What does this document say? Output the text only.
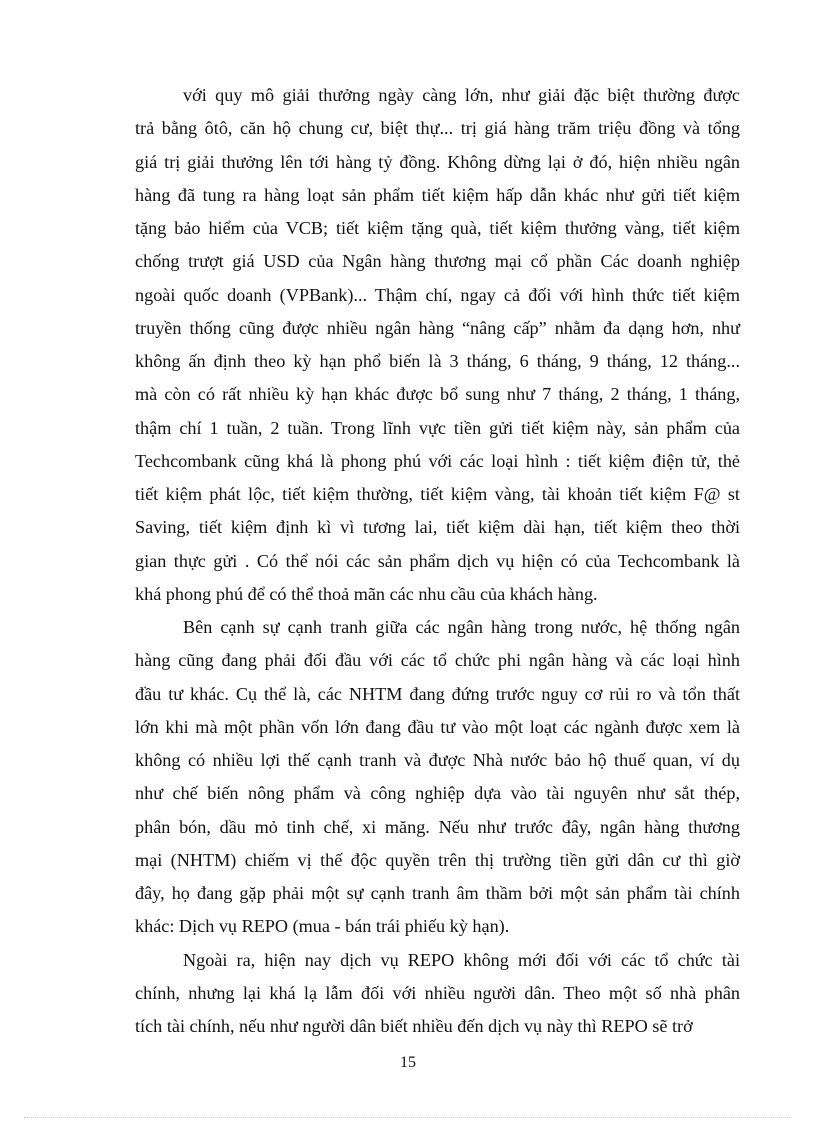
với quy mô giải thưởng ngày càng lớn, như giải đặc biệt thường được
trả bằng ôtô, căn hộ chung cư, biệt thự... trị giá hàng trăm triệu đồng và tổng
giá trị giải thưởng lên tới hàng tỷ đồng. Không dừng lại ở đó, hiện nhiều ngân
hàng đã tung ra hàng loạt sản phẩm tiết kiệm hấp dẫn khác như gửi tiết kiệm
tặng bảo hiểm của VCB; tiết kiệm tặng quà, tiết kiệm thưởng vàng, tiết kiệm
chống trượt giá USD của Ngân hàng thương mại cổ phần Các doanh nghiệp
ngoài quốc doanh (VPBank)... Thậm chí, ngay cả đối với hình thức tiết kiệm
truyền thống cũng được nhiều ngân hàng “nâng cấp” nhằm đa dạng hơn, như
không ấn định theo kỳ hạn phổ biến là 3 tháng, 6 tháng, 9 tháng, 12 tháng...
mà còn có rất nhiều kỳ hạn khác được bổ sung như 7 tháng, 2 tháng, 1 tháng,
thậm chí 1 tuần, 2 tuần. Trong lĩnh vực tiền gửi tiết kiệm này, sản phẩm của
Techcombank cũng khá là phong phú với các loại hình : tiết kiệm điện tử, thẻ
tiết kiệm phát lộc, tiết kiệm thường, tiết kiệm vàng, tài khoản tiết kiệm F@ st
Saving, tiết kiệm định kì vì tương lai, tiết kiệm dài hạn, tiết kiệm theo thời
gian thực gửi . Có thể nói các sản phẩm dịch vụ hiện có của Techcombank là
khá phong phú để có thể thoả mãn các nhu cầu của khách hàng.
Bên cạnh sự cạnh tranh giữa các ngân hàng trong nước, hệ thống ngân
hàng cũng đang phải đối đầu với các tổ chức phi ngân hàng và các loại hình
đầu tư khác. Cụ thể là, các NHTM đang đứng trước nguy cơ rủi ro và tổn thất
lớn khi mà một phần vốn lớn đang đầu tư vào một loạt các ngành được xem là
không có nhiều lợi thế cạnh tranh và được Nhà nước bảo hộ thuế quan, ví dụ
như chế biến nông phẩm và công nghiệp dựa vào tài nguyên như sắt thép,
phân bón, dầu mỏ tinh chế, xi măng. Nếu như trước đây, ngân hàng thương
mại (NHTM) chiếm vị thế độc quyền trên thị trường tiền gửi dân cư thì giờ
đây, họ đang gặp phải một sự cạnh tranh âm thầm bởi một sản phẩm tài chính
khác: Dịch vụ REPO (mua - bán trái phiếu kỳ hạn).
Ngoài ra, hiện nay dịch vụ REPO không mới đối với các tổ chức tài
chính, nhưng lại khá lạ lẫm đối với nhiều người dân. Theo một số nhà phân
tích tài chính, nếu như người dân biết nhiều đến dịch vụ này thì REPO sẽ trở
15
